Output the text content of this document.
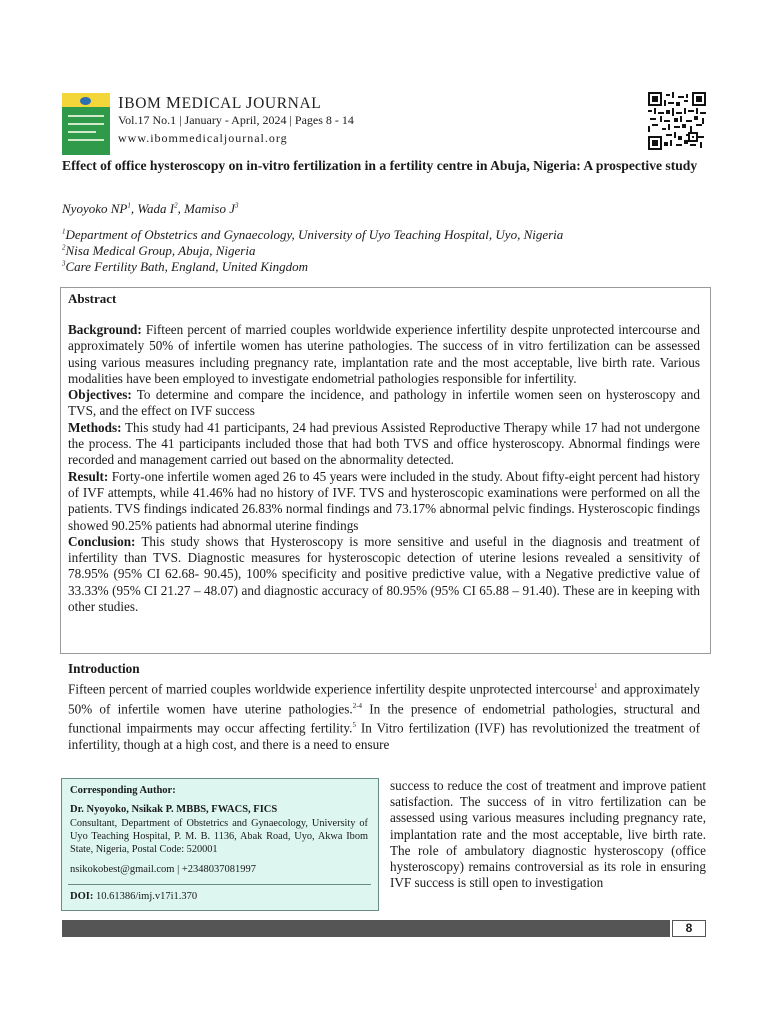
IBOM MEDICAL JOURNAL
Vol.17 No.1 | January - April, 2024 | Pages 8 - 14
www.ibommedicaljournal.org
Effect of office hysteroscopy on in-vitro fertilization in a fertility centre in Abuja, Nigeria: A prospective study
Nyoyoko $NP^1$, Wada $I^2$, Mamiso $J^3$
$^1$Department of Obstetrics and Gynaecology, University of Uyo Teaching Hospital, Uyo, Nigeria
$^2$Nisa Medical Group, Abuja, Nigeria
$^3$Care Fertility Bath, England, United Kingdom
Abstract

Background: Fifteen percent of married couples worldwide experience infertility despite unprotected intercourse and approximately 50% of infertile women has uterine pathologies. The success of in vitro fertilization can be assessed using various measures including pregnancy rate, implantation rate and the most acceptable, live birth rate. Various modalities have been employed to investigate endometrial pathologies responsible for infertility.

Objectives: To determine and compare the incidence, and pathology in infertile women seen on hysteroscopy and TVS, and the effect on IVF success

Methods: This study had 41 participants, 24 had previous Assisted Reproductive Therapy while 17 had not undergone the process. The 41 participants included those that had both TVS and office hysteroscopy. Abnormal findings were recorded and management carried out based on the abnormality detected.

Result: Forty-one infertile women aged 26 to 45 years were included in the study. About fifty-eight percent had history of IVF attempts, while 41.46% had no history of IVF. TVS and hysteroscopic examinations were performed on all the patients. TVS findings indicated 26.83% normal findings and 73.17% abnormal pelvic findings. Hysteroscopic findings showed 90.25% patients had abnormal uterine findings

Conclusion: This study shows that Hysteroscopy is more sensitive and useful in the diagnosis and treatment of infertility than TVS. Diagnostic measures for hysteroscopic detection of uterine lesions revealed a sensitivity of 78.95% (95% CI 62.68- 90.45), 100% specificity and positive predictive value, with a Negative predictive value of 33.33% (95% CI 21.27 – 48.07) and diagnostic accuracy of 80.95% (95% CI 65.88 – 91.40). These are in keeping with other studies.

Introduction
Fifteen percent of married couples worldwide experience infertility despite unprotected intercourse$^1$ and approximately 50% of infertile women have uterine pathologies.$^{2-4}$ In the presence of endometrial pathologies, structural and functional impairments may occur affecting fertility.$^5$ In Vitro fertilization (IVF) has revolutionized the treatment of infertility, though at a high cost, and there is a need to ensure
Corresponding Author:
Dr. Nyoyoko, Nsikak P. MBBS, FWACS, FICS
Consultant, Department of Obstetrics and Gynaecology, University of Uyo Teaching Hospital, P. M. B. 1136, Abak Road, Uyo, Akwa Ibom State, Nigeria, Postal Code: 520001
nsikokobest@gmail.com | +2348037081997
DOI: 10.61386/imj.v17i1.370
success to reduce the cost of treatment and improve patient satisfaction. The success of in vitro fertilization can be assessed using various measures including pregnancy rate, implantation rate and the most acceptable, live birth rate. The role of ambulatory diagnostic hysteroscopy (office hysteroscopy) remains controversial as its role in ensuring IVF success is still open to investigation
8
